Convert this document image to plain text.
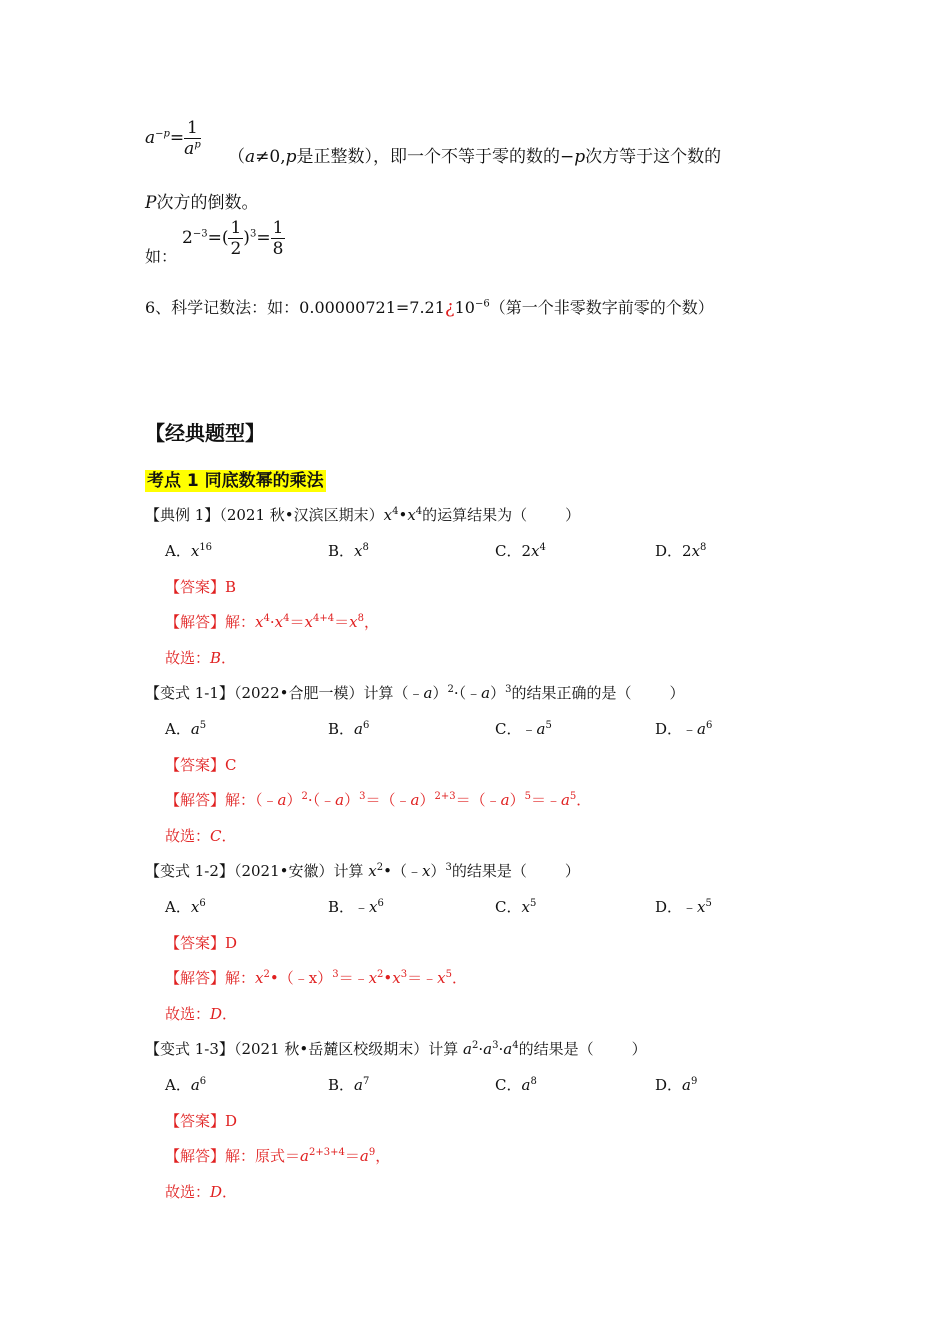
$a^{-p}= \frac{1}{a^p} (a\ne 0,p$是正整数），即一个不等于零的数的−p次方等于这个数的
P次方的倒数。
$2^{-3}=( \frac{1}{2} )^3= \frac{1}{8}$
如：
6、科学记数法：如：$0.00000721=7.21¿10^{-6}$（第一个非零数字前零的个数）
【经典题型】
考点 1 同底数幂的乘法
【典例 1】（2021 秋•汉滨区期末）$x^4•x^4$的运算结果为（	）
A．$x^{16}$	B．$x^8$	C．$2x^4$	D．$2x^8$
【答案】B
【解答】解：$x^4\cdot x^4=x^{4+4}=x^8$，
故选：B．
【变式 1-1】（2022•合肥一模）计算（﹣a）$^2$·（﹣a）$^3$的结果正确的是（	）
A．$a^5$	B．$a^6$	C．$﹣a^5$	D．$﹣a^6$
【答案】C
【解答】解：$(﹣a)^2\cdot(﹣a)^3=(﹣a)^{2+3}=(﹣a)^5=﹣a^5$．
故选：C．
【变式 1-2】（2021•安徽）计算 $x^2•(﹣x)^3$的结果是（	）
A．$x^6$	B．$﹣x^6$	C．$x^5$	D．$﹣x^5$
【答案】D
【解答】解：$x^2•(﹣x)^3=﹣x^2•x^3=﹣x^5$．
故选：D．
【变式 1-3】（2021 秋•岳麓区校级期末）计算 $a^2\cdot a^3\cdot a^4$的结果是（	）
A．$a^6$	B．$a^7$	C．$a^8$	D．$a^9$
【答案】D
【解答】解：原式$=a^{2+3+4}=a^9$，
故选：D．
